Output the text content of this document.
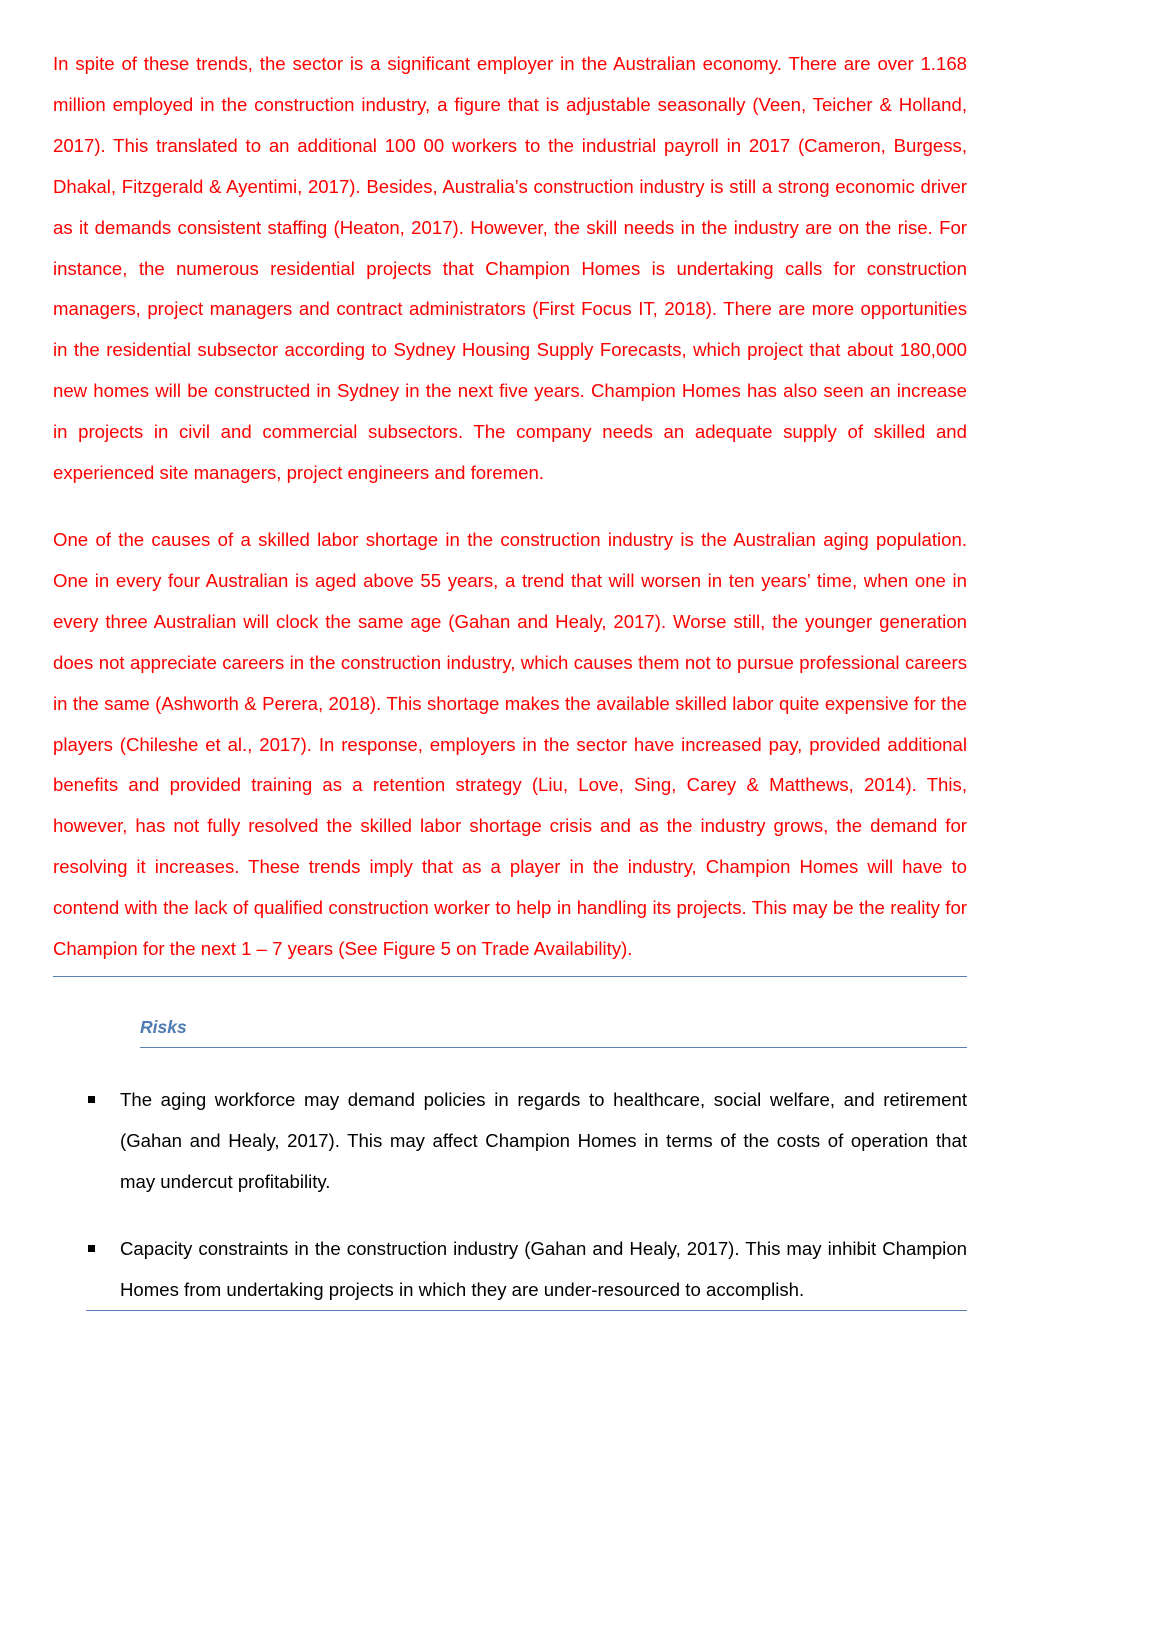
In spite of these trends, the sector is a significant employer in the Australian economy. There are over 1.168 million employed in the construction industry, a figure that is adjustable seasonally (Veen, Teicher & Holland, 2017). This translated to an additional 100 00 workers to the industrial payroll in 2017 (Cameron, Burgess, Dhakal, Fitzgerald & Ayentimi, 2017). Besides, Australia’s construction industry is still a strong economic driver as it demands consistent staffing (Heaton, 2017). However, the skill needs in the industry are on the rise. For instance, the numerous residential projects that Champion Homes is undertaking calls for construction managers, project managers and contract administrators (First Focus IT, 2018). There are more opportunities in the residential subsector according to Sydney Housing Supply Forecasts, which project that about 180,000 new homes will be constructed in Sydney in the next five years. Champion Homes has also seen an increase in projects in civil and commercial subsectors. The company needs an adequate supply of skilled and experienced site managers, project engineers and foremen.

One of the causes of a skilled labor shortage in the construction industry is the Australian aging population. One in every four Australian is aged above 55 years, a trend that will worsen in ten years’ time, when one in every three Australian will clock the same age (Gahan and Healy, 2017). Worse still, the younger generation does not appreciate careers in the construction industry, which causes them not to pursue professional careers in the same (Ashworth & Perera, 2018). This shortage makes the available skilled labor quite expensive for the players (Chileshe et al., 2017). In response, employers in the sector have increased pay, provided additional benefits and provided training as a retention strategy (Liu, Love, Sing, Carey & Matthews, 2014). This, however, has not fully resolved the skilled labor shortage crisis and as the industry grows, the demand for resolving it increases. These trends imply that as a player in the industry, Champion Homes will have to contend with the lack of qualified construction worker to help in handling its projects. This may be the reality for Champion for the next 1 – 7 years (See Figure 5 on Trade Availability).

Risks
The aging workforce may demand policies in regards to healthcare, social welfare, and retirement (Gahan and Healy, 2017). This may affect Champion Homes in terms of the costs of operation that may undercut profitability.
Capacity constraints in the construction industry (Gahan and Healy, 2017). This may inhibit Champion Homes from undertaking projects in which they are under-resourced to accomplish.
